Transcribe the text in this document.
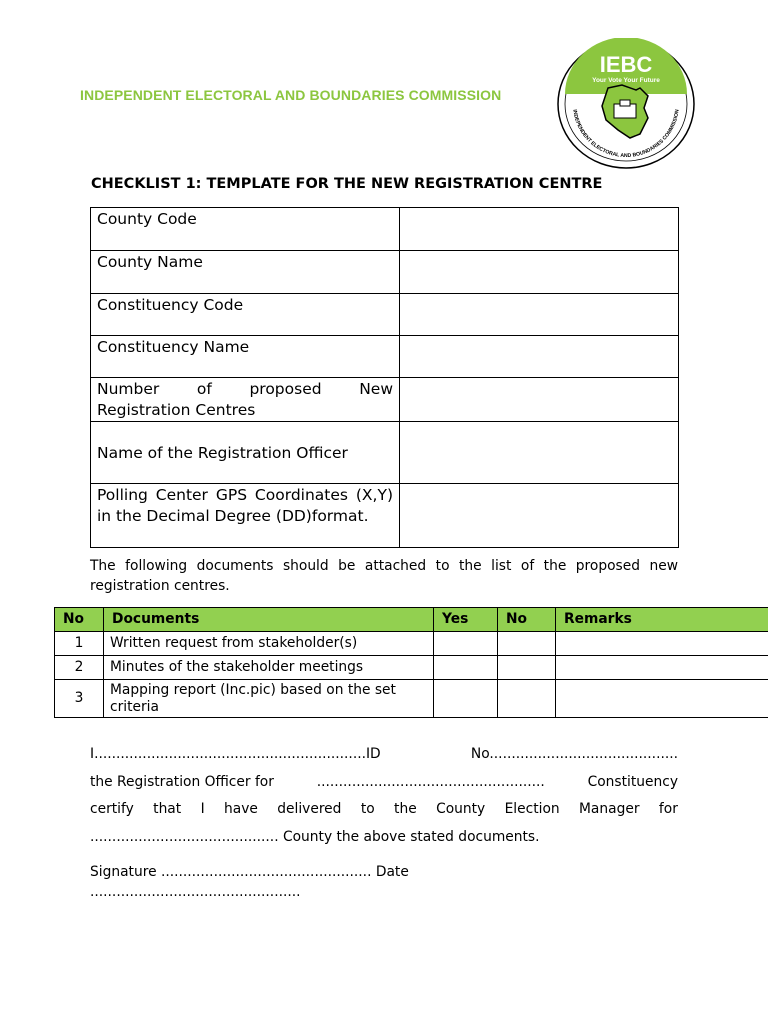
INDEPENDENT ELECTORAL AND BOUNDARIES COMMISSION
IEBC
Your Vote Your Future
INDEPENDENT ELECTORAL AND BOUNDARIES COMMISSION
CHECKLIST 1: TEMPLATE FOR THE NEW REGISTRATION CENTRE
County Code	
County Name	
Constituency Code	
Constituency Name	
Number of proposed New Registration Centres	
Name of the Registration Officer	
Polling Center GPS Coordinates (X,Y) in the Decimal Degree (DD)format.	
The following documents should be attached to the list of the proposed new registration centres.
No	Documents	Yes	No	Remarks
1	Written request from stakeholder(s)			
2	Minutes of the stakeholder meetings			
3	Mapping report (Inc.pic) based on the set criteria			
I..............................................................ID	No...........................................
the Registration Officer for	....................................................	Constituency
certify that I have delivered to the County Election Manager for
........................................... County the above stated documents.
Signature ................................................ Date
................................................
